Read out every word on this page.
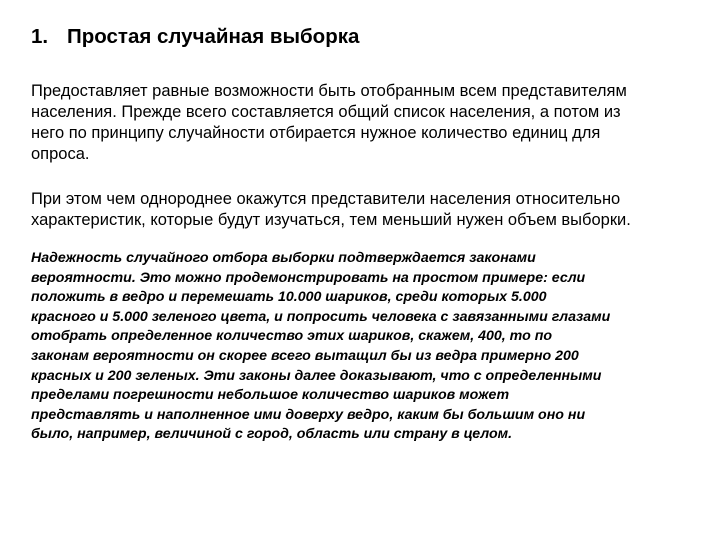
1. Простая случайная выборка
Предоставляет равные возможности быть отобранным всем представителям
населения. Прежде всего составляется общий список населения, а потом из
него по принципу случайности отбирается нужное количество единиц для
опроса.
При этом чем однороднее окажутся представители населения относительно
характеристик, которые будут изучаться, тем меньший нужен объем выборки.
Надежность случайного отбора выборки подтверждается законами
вероятности. Это можно продемонстрировать на простом примере: если
положить в ведро и перемешать 10.000 шариков, среди которых 5.000
красного и 5.000 зеленого цвета, и попросить человека с завязанными глазами
отобрать определенное количество этих шариков, скажем, 400, то по
законам вероятности он скорее всего вытащил бы из ведра примерно 200
красных и 200 зеленых. Эти законы далее доказывают, что с определенными
пределами погрешности небольшое количество шариков может
представлять и наполненное ими доверху ведро, каким бы большим оно ни
было, например, величиной с город, область или страну в целом.
